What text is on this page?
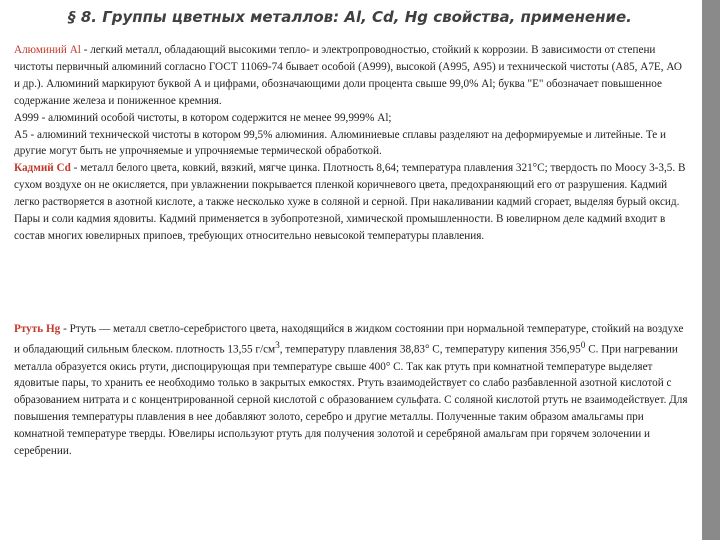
§ 8. Группы цветных металлов: Al, Cd, Hg свойства, применение.

Алюминий Al - легкий металл, обладающий высокими тепло- и электропроводностью, стойкий к коррозии. В зависимости от степени чистоты первичный алюминий согласно ГОСТ 11069-74 бывает особой (А999), высокой (А995, А95) и технической чистоты (А85, А7Е, АО и др.). Алюминий маркируют буквой А и цифрами, обозначающими доли процента свыше 99,0% Al; буква "Е" обозначает повышенное содержание железа и пониженное кремния.

А999 - алюминий особой чистоты, в котором содержится не менее 99,999% Al;

А5 - алюминий технической чистоты в котором 99,5% алюминия. Алюминиевые сплавы разделяют на деформируемые и литейные. Те и другие могут быть не упрочняемые и упрочняемые термической обработкой.

Кадмий Cd - металл белого цвета, ковкий, вязкий, мягче цинка. Плотность 8,64; температура плавления 321°С; твердость по Моосу 3-3,5. В сухом воздухе он не окисляется, при увлажнении покрывается пленкой коричневого цвета, предохраняющий его от разрушения. Кадмий легко растворяется в азотной кислоте, а также несколько хуже в соляной и серной. При накаливании кадмий сгорает, выделяя бурый оксид. Пары и соли кадмия ядовиты. Кадмий применяется в зубопротезной, химической промышленности. В ювелирном деле кадмий входит в состав многих ювелирных припоев, требующих относительно невысокой температуры плавления.

Ртуть Hg - Ртуть — металл светло-серебристого цвета, находящийся в жидком состоянии при нормальной температуре, стойкий на воздухе и обладающий сильным блеском. плотность 13,55 $г/см^3$, температуру плавления 38,83° С, температуру кипения 356,95$^0$ С. При нагревании металла образуется окись ртути, диспоцирующая при температуре свыше 400° С. Так как ртуть при комнатной температуре выделяет ядовитые пары, то хранить ее необходимо только в закрытых емкостях. Ртуть взаимодействует со слабо разбавленной азотной кислотой с образованием нитрата и с концентрированной серной кислотой с образованием сульфата. С соляной кислотой ртуть не взаимодействует. Для повышения температуры плавления в нее добавляют золото, серебро и другие металлы. Полученные таким образом амальгамы при комнатной температуре тверды. Ювелиры используют ртуть для получения золотой и серебряной амальгам при горячем золочении и серебрении.
